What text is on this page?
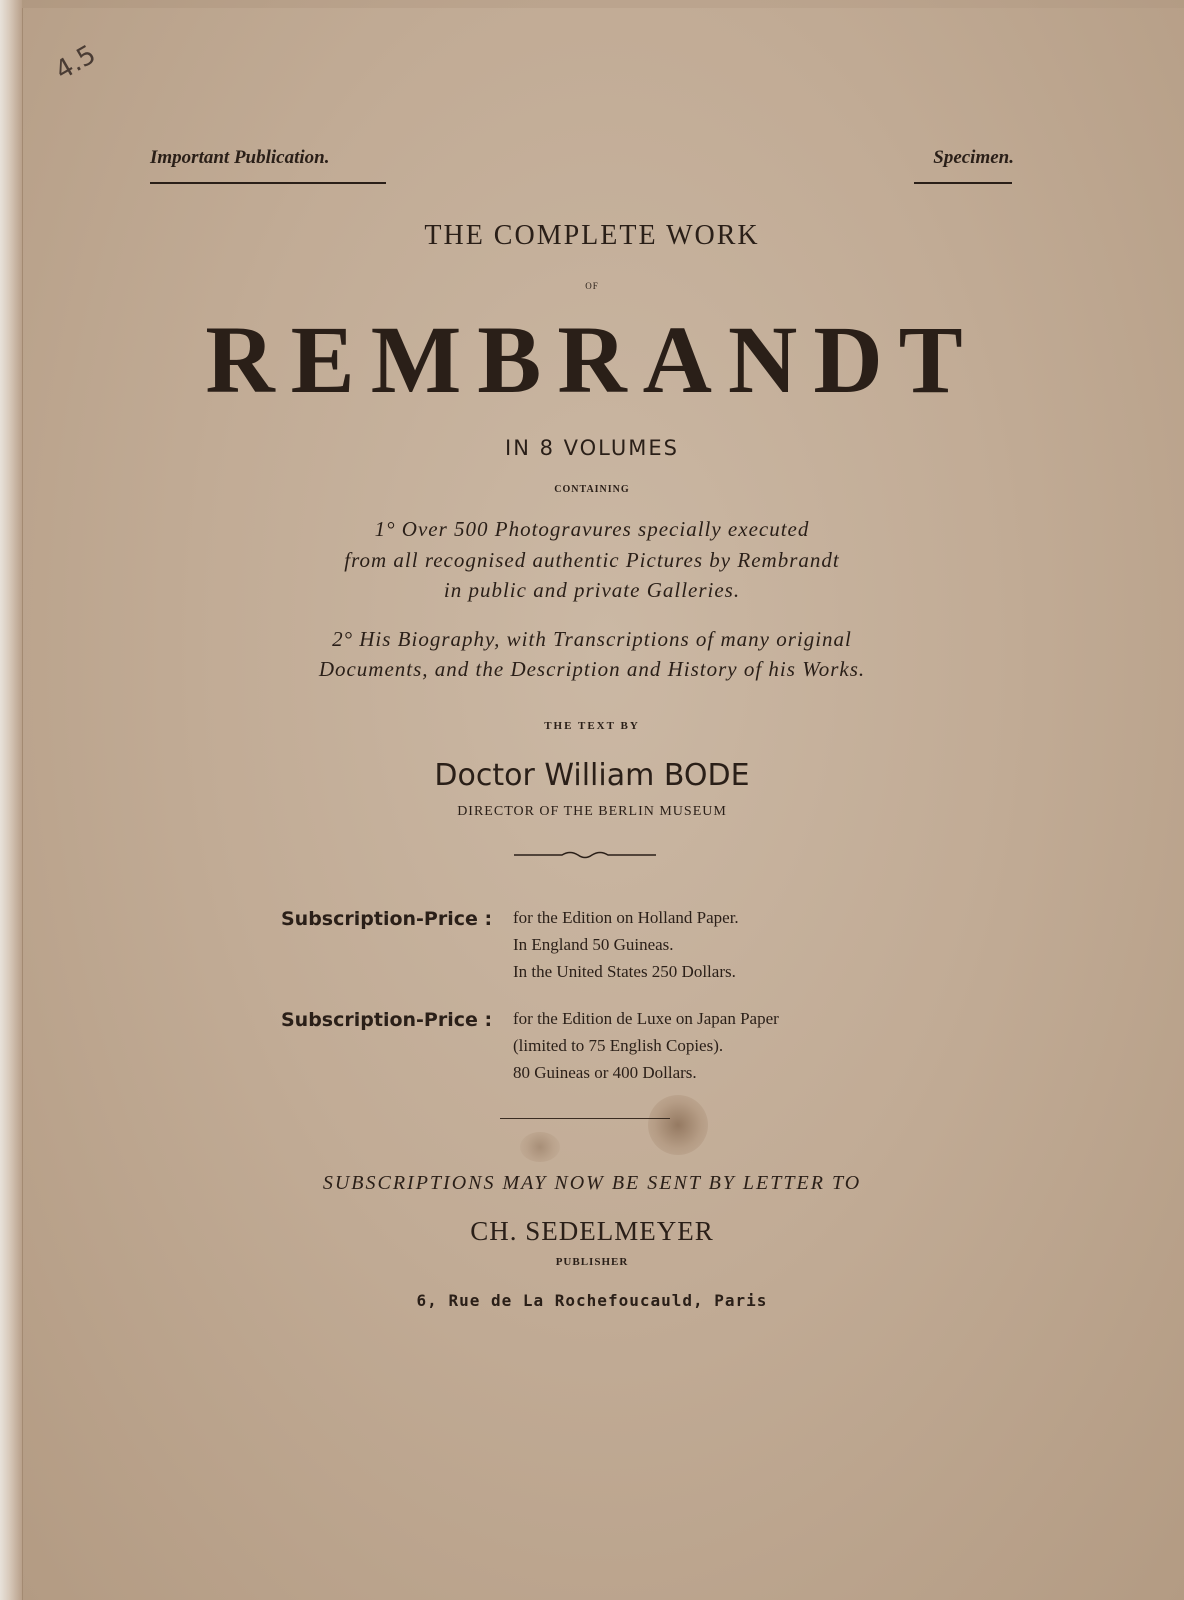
4.5
Important Publication.	Specimen.
THE COMPLETE WORK
OF
REMBRANDT
IN 8 VOLUMES
CONTAINING
1° Over 500 Photogravures specially executed
from all recognised authentic Pictures by Rembrandt
in public and private Galleries.
2° His Biography, with Transcriptions of many original
Documents, and the Description and History of his Works.
THE TEXT BY
Doctor William BODE
DIRECTOR OF THE BERLIN MUSEUM
Subscription-Price : for the Edition on Holland Paper.
In England 50 Guineas.
In the United States 250 Dollars.
Subscription-Price : for the Edition de Luxe on Japan Paper
(limited to 75 English Copies).
80 Guineas or 400 Dollars.
SUBSCRIPTIONS MAY NOW BE SENT BY LETTER TO
CH. SEDELMEYER
PUBLISHER
6, Rue de La Rochefoucauld, Paris
